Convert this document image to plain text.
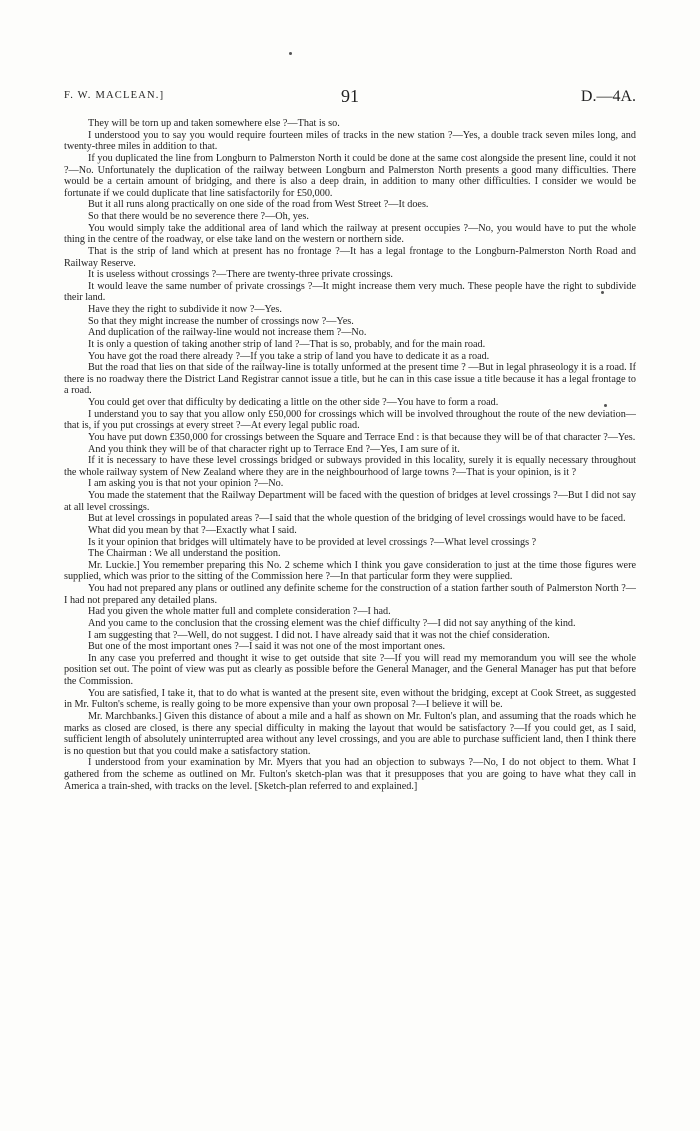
F. W. MACLEAN.]	91	D.—4A.

They will be torn up and taken somewhere else ?—That is so.

I understood you to say you would require fourteen miles of tracks in the new station ?—Yes, a double track seven miles long, and twenty-three miles in addition to that.

If you duplicated the line from Longburn to Palmerston North it could be done at the same cost alongside the present line, could it not ?—No. Unfortunately the duplication of the railway between Longburn and Palmerston North presents a good many difficulties. There would be a certain amount of bridging, and there is also a deep drain, in addition to many other difficulties. I consider we would be fortunate if we could duplicate that line satisfactorily for £50,000.

But it all runs along practically on one side of the road from West Street ?—It does.

So that there would be no severence there ?—Oh, yes.

You would simply take the additional area of land which the railway at present occupies ?—No, you would have to put the whole thing in the centre of the roadway, or else take land on the western or northern side.

That is the strip of land which at present has no frontage ?—It has a legal frontage to the Longburn-Palmerston North Road and Railway Reserve.

It is useless without crossings ?—There are twenty-three private crossings.

It would leave the same number of private crossings ?—It might increase them very much. These people have the right to subdivide their land.

Have they the right to subdivide it now ?—Yes.

So that they might increase the number of crossings now ?—Yes.

And duplication of the railway-line would not increase them ?—No.

It is only a question of taking another strip of land ?—That is so, probably, and for the main road.

You have got the road there already ?—If you take a strip of land you have to dedicate it as a road.

But the road that lies on that side of the railway-line is totally unformed at the present time ? —But in legal phraseology it is a road. If there is no roadway there the District Land Registrar cannot issue a title, but he can in this case issue a title because it has a legal frontage to a road.

You could get over that difficulty by dedicating a little on the other side ?—You have to form a road.

I understand you to say that you allow only £50,000 for crossings which will be involved throughout the route of the new deviation—that is, if you put crossings at every street ?—At every legal public road.

You have put down £350,000 for crossings between the Square and Terrace End : is that because they will be of that character ?—Yes.

And you think they will be of that character right up to Terrace End ?—Yes, I am sure of it.

If it is necessary to have these level crossings bridged or subways provided in this locality, surely it is equally necessary throughout the whole railway system of New Zealand where they are in the neighbourhood of large towns ?—That is your opinion, is it ?

I am asking you is that not your opinion ?—No.

You made the statement that the Railway Department will be faced with the question of bridges at level crossings ?—But I did not say at all level crossings.

But at level crossings in populated areas ?—I said that the whole question of the bridging of level crossings would have to be faced.

What did you mean by that ?—Exactly what I said.

Is it your opinion that bridges will ultimately have to be provided at level crossings ?—What level crossings ?

The Chairman : We all understand the position.

Mr. Luckie.] You remember preparing this No. 2 scheme which I think you gave consideration to just at the time those figures were supplied, which was prior to the sitting of the Commission here ?—In that particular form they were supplied.

You had not prepared any plans or outlined any definite scheme for the construction of a station farther south of Palmerston North ?—I had not prepared any detailed plans.

Had you given the whole matter full and complete consideration ?—I had.

And you came to the conclusion that the crossing element was the chief difficulty ?—I did not say anything of the kind.

I am suggesting that ?—Well, do not suggest. I did not. I have already said that it was not the chief consideration.

But one of the most important ones ?—I said it was not one of the most important ones.

In any case you preferred and thought it wise to get outside that site ?—If you will read my memorandum you will see the whole position set out. The point of view was put as clearly as possible before the General Manager, and the General Manager has put that before the Commission.

You are satisfied, I take it, that to do what is wanted at the present site, even without the bridging, except at Cook Street, as suggested in Mr. Fulton's scheme, is really going to be more expensive than your own proposal ?—I believe it will be.

Mr. Marchbanks.] Given this distance of about a mile and a half as shown on Mr. Fulton's plan, and assuming that the roads which he marks as closed are closed, is there any special difficulty in making the layout that would be satisfactory ?—If you could get, as I said, sufficient length of absolutely uninterrupted area without any level crossings, and you are able to purchase sufficient land, then I think there is no question but that you could make a satisfactory station.

I understood from your examination by Mr. Myers that you had an objection to subways ?—No, I do not object to them. What I gathered from the scheme as outlined on Mr. Fulton's sketch-plan was that it presupposes that you are going to have what they call in America a train-shed, with tracks on the level. [Sketch-plan referred to and explained.]
